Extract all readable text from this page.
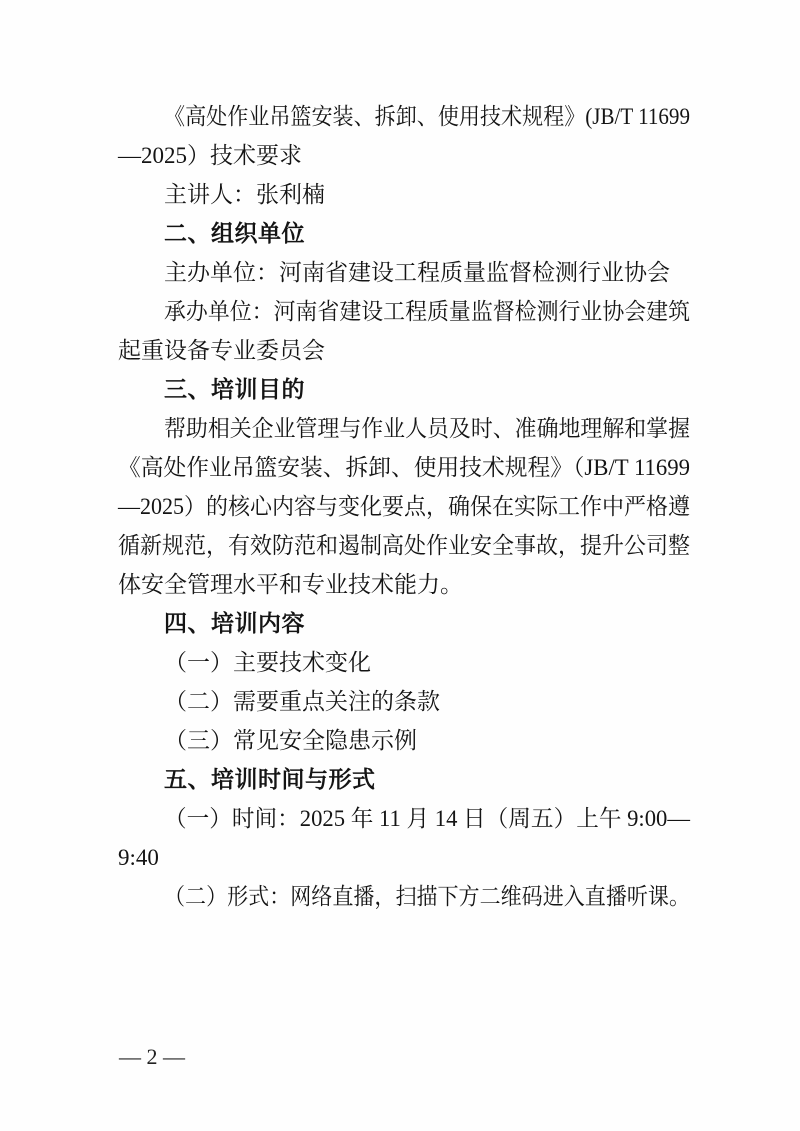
《高处作业吊篮安装、拆卸、使用技术规程》(JB/T 11699
—2025）技术要求
主讲人：张利楠
二、组织单位
主办单位：河南省建设工程质量监督检测行业协会
承办单位：河南省建设工程质量监督检测行业协会建筑
起重设备专业委员会
三、培训目的
帮助相关企业管理与作业人员及时、准确地理解和掌握
《高处作业吊篮安装、拆卸、使用技术规程》（JB/T 11699
—2025）的核心内容与变化要点，确保在实际工作中严格遵
循新规范，有效防范和遏制高处作业安全事故，提升公司整
体安全管理水平和专业技术能力。
四、培训内容
（一）主要技术变化
（二）需要重点关注的条款
（三）常见安全隐患示例
五、培训时间与形式
（一）时间：2025 年 11 月 14 日（周五）上午 9:00—
9:40
（二）形式：网络直播，扫描下方二维码进入直播听课。
— 2 —
